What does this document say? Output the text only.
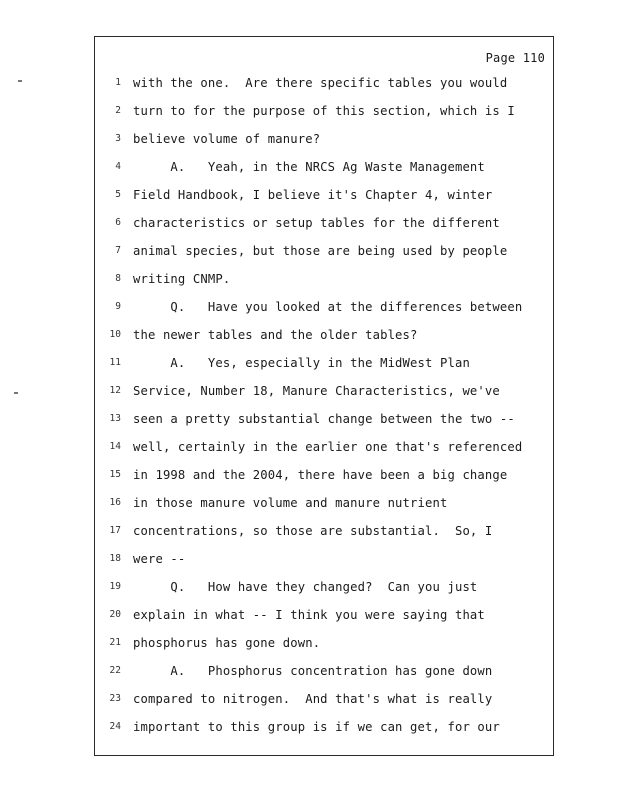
Page 110
1 with the one.  Are there specific tables you would
2 turn to for the purpose of this section, which is I
3 believe volume of manure?
4 A.   Yeah, in the NRCS Ag Waste Management
5 Field Handbook, I believe it's Chapter 4, winter
6 characteristics or setup tables for the different
7 animal species, but those are being used by people
8 writing CNMP.
9 Q.   Have you looked at the differences between
10 the newer tables and the older tables?
11 A.   Yes, especially in the MidWest Plan
12 Service, Number 18, Manure Characteristics, we've
13 seen a pretty substantial change between the two --
14 well, certainly in the earlier one that's referenced
15 in 1998 and the 2004, there have been a big change
16 in those manure volume and manure nutrient
17 concentrations, so those are substantial.  So, I
18 were --
19 Q.   How have they changed?  Can you just
20 explain in what -- I think you were saying that
21 phosphorus has gone down.
22 A.   Phosphorus concentration has gone down
23 compared to nitrogen.  And that's what is really
24 important to this group is if we can get, for our
